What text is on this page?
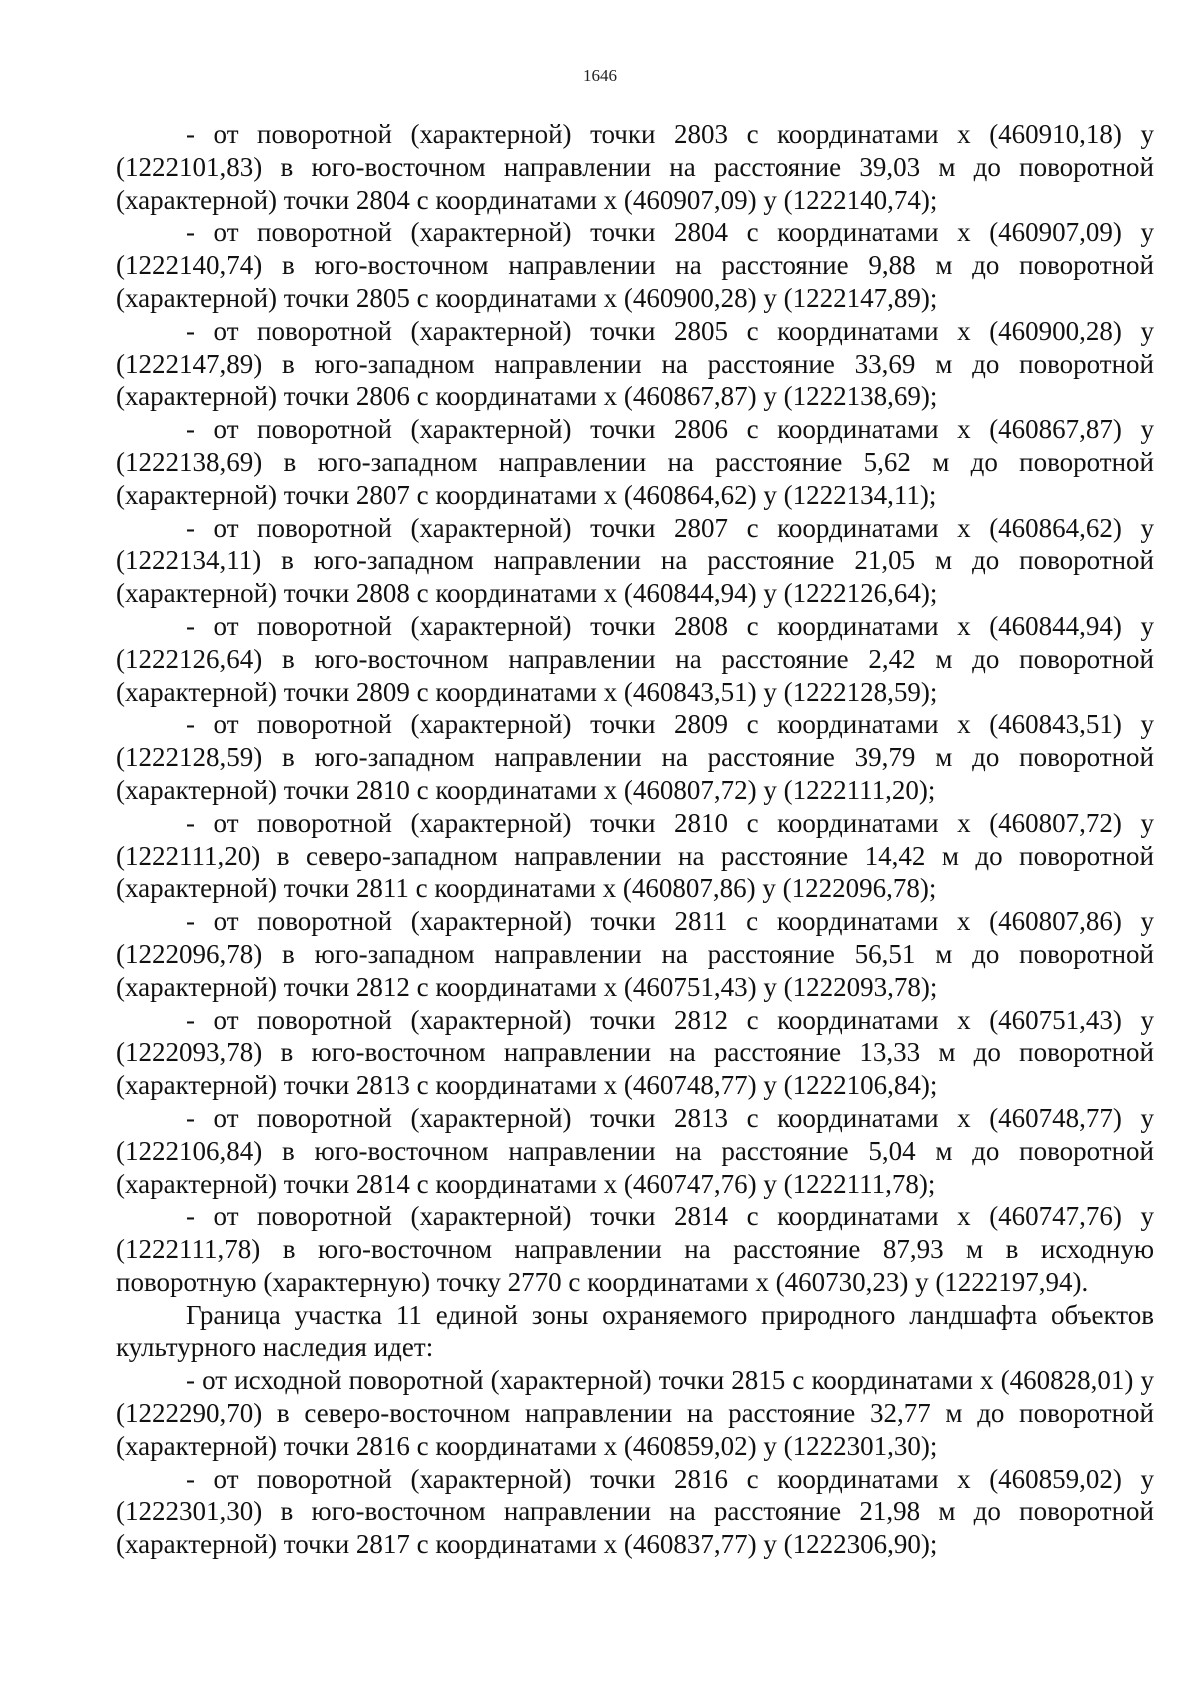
1646

- от поворотной (характерной) точки 2803 с координатами х (460910,18) у (1222101,83) в юго-восточном направлении на расстояние 39,03 м до поворотной (характерной) точки 2804 с координатами х (460907,09) у (1222140,74);

- от поворотной (характерной) точки 2804 с координатами х (460907,09) у (1222140,74) в юго-восточном направлении на расстояние 9,88 м до поворотной (характерной) точки 2805 с координатами х (460900,28) у (1222147,89);

- от поворотной (характерной) точки 2805 с координатами х (460900,28) у (1222147,89) в юго-западном направлении на расстояние 33,69 м до поворотной (характерной) точки 2806 с координатами х (460867,87) у (1222138,69);

- от поворотной (характерной) точки 2806 с координатами х (460867,87) у (1222138,69) в юго-западном направлении на расстояние 5,62 м до поворотной (характерной) точки 2807 с координатами х (460864,62) у (1222134,11);

- от поворотной (характерной) точки 2807 с координатами х (460864,62) у (1222134,11) в юго-западном направлении на расстояние 21,05 м до поворотной (характерной) точки 2808 с координатами х (460844,94) у (1222126,64);

- от поворотной (характерной) точки 2808 с координатами х (460844,94) у (1222126,64) в юго-восточном направлении на расстояние 2,42 м до поворотной (характерной) точки 2809 с координатами х (460843,51) у (1222128,59);

- от поворотной (характерной) точки 2809 с координатами х (460843,51) у (1222128,59) в юго-западном направлении на расстояние 39,79 м до поворотной (характерной) точки 2810 с координатами х (460807,72) у (1222111,20);

- от поворотной (характерной) точки 2810 с координатами х (460807,72) у (1222111,20) в северо-западном направлении на расстояние 14,42 м до поворотной (характерной) точки 2811 с координатами х (460807,86) у (1222096,78);

- от поворотной (характерной) точки 2811 с координатами х (460807,86) у (1222096,78) в юго-западном направлении на расстояние 56,51 м до поворотной (характерной) точки 2812 с координатами х (460751,43) у (1222093,78);

- от поворотной (характерной) точки 2812 с координатами х (460751,43) у (1222093,78) в юго-восточном направлении на расстояние 13,33 м до поворотной (характерной) точки 2813 с координатами х (460748,77) у (1222106,84);

- от поворотной (характерной) точки 2813 с координатами х (460748,77) у (1222106,84) в юго-восточном направлении на расстояние 5,04 м до поворотной (характерной) точки 2814 с координатами х (460747,76) у (1222111,78);

- от поворотной (характерной) точки 2814 с координатами х (460747,76) у (1222111,78) в юго-восточном направлении на расстояние 87,93 м в исходную поворотную (характерную) точку 2770 с координатами х (460730,23) у (1222197,94).

Граница участка 11 единой зоны охраняемого природного ландшафта объектов культурного наследия идет:

- от исходной поворотной (характерной) точки 2815 с координатами х (460828,01) у (1222290,70) в северо-восточном направлении на расстояние 32,77 м до поворотной (характерной) точки 2816 с координатами х (460859,02) у (1222301,30);

- от поворотной (характерной) точки 2816 с координатами х (460859,02) у (1222301,30) в юго-восточном направлении на расстояние 21,98 м до поворотной (характерной) точки 2817 с координатами х (460837,77) у (1222306,90);
